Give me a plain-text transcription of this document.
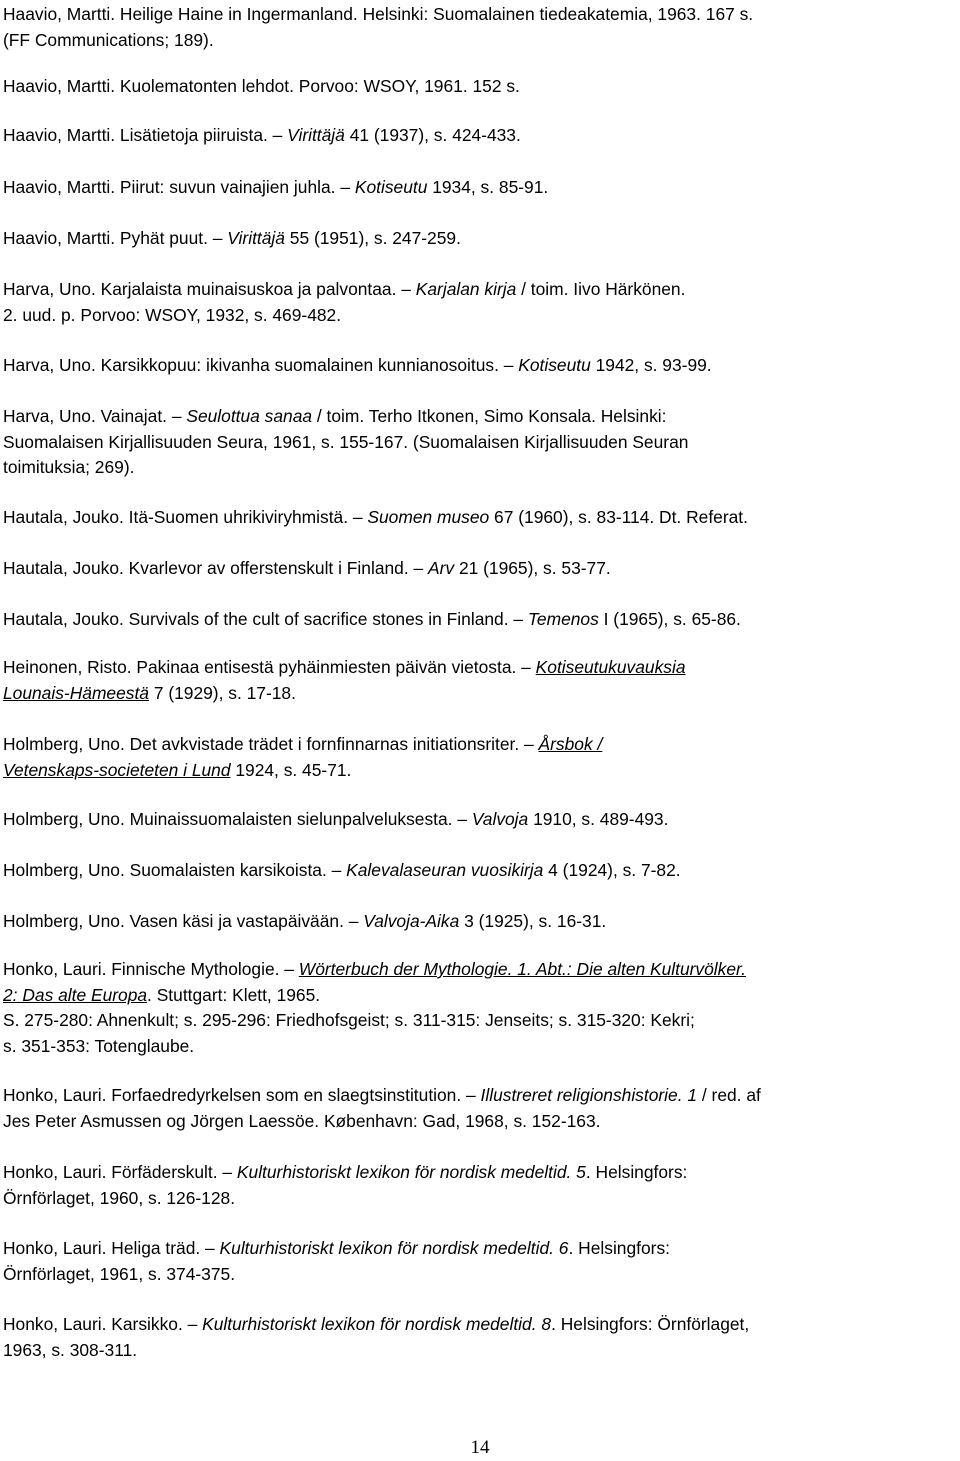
Haavio, Martti. Heilige Haine in Ingermanland. Helsinki: Suomalainen tiedeakatemia, 1963. 167 s.
(FF Communications; 189).
Haavio, Martti. Kuolematonten lehdot. Porvoo: WSOY, 1961. 152 s.
Haavio, Martti. Lisätietoja piiruista. – Virittäjä 41 (1937), s. 424-433.
Haavio, Martti. Piirut: suvun vainajien juhla. – Kotiseutu 1934, s. 85-91.
Haavio, Martti. Pyhät puut. – Virittäjä 55 (1951), s. 247-259.
Harva, Uno. Karjalaista muinaisuskoa ja palvontaa. – Karjalan kirja / toim. Iivo Härkönen.
2. uud. p. Porvoo: WSOY, 1932, s. 469-482.
Harva, Uno. Karsikkopuu: ikivanha suomalainen kunnianosoitus. – Kotiseutu 1942, s. 93-99.
Harva, Uno. Vainajat. – Seulottua sanaa / toim. Terho Itkonen, Simo Konsala. Helsinki:
Suomalaisen Kirjallisuuden Seura, 1961, s. 155-167. (Suomalaisen Kirjallisuuden Seuran
toimituksia; 269).
Hautala, Jouko. Itä-Suomen uhrikiviryhmistä. – Suomen museo 67 (1960), s. 83-114. Dt. Referat.
Hautala, Jouko. Kvarlevor av offerstenskult i Finland. – Arv 21 (1965), s. 53-77.
Hautala, Jouko. Survivals of the cult of sacrifice stones in Finland. – Temenos I (1965), s. 65-86.
Heinonen, Risto. Pakinaa entisestä pyhäinmiesten päivän vietosta. – Kotiseutukuvauksia
Lounais-Hämeestä 7 (1929), s. 17-18.
Holmberg, Uno. Det avkvistade trädet i fornfinnarnas initiationsriter. – Årsbok /
Vetenskaps-societeten i Lund 1924, s. 45-71.
Holmberg, Uno. Muinaissuomalaisten sielunpalveluksesta. – Valvoja 1910, s. 489-493.
Holmberg, Uno. Suomalaisten karsikoista. – Kalevalaseuran vuosikirja 4 (1924), s. 7-82.
Holmberg, Uno. Vasen käsi ja vastapäivään. – Valvoja-Aika 3 (1925), s. 16-31.
Honko, Lauri. Finnische Mythologie. – Wörterbuch der Mythologie. 1. Abt.: Die alten Kulturvölker.
2: Das alte Europa. Stuttgart: Klett, 1965.
S. 275-280: Ahnenkult; s. 295-296: Friedhofsgeist; s. 311-315: Jenseits; s. 315-320: Kekri;
s. 351-353: Totenglaube.
Honko, Lauri. Forfaedredyrkelsen som en slaegtsinstitution. – Illustreret religionshistorie. 1 / red. af
Jes Peter Asmussen og Jörgen Laessöe. København: Gad, 1968, s. 152-163.
Honko, Lauri. Förfäderskult. – Kulturhistoriskt lexikon för nordisk medeltid. 5. Helsingfors:
Örnförlaget, 1960, s. 126-128.
Honko, Lauri. Heliga träd. – Kulturhistoriskt lexikon för nordisk medeltid. 6. Helsingfors:
Örnförlaget, 1961, s. 374-375.
Honko, Lauri. Karsikko. – Kulturhistoriskt lexikon för nordisk medeltid. 8. Helsingfors: Örnförlaget,
1963, s. 308-311.
14
